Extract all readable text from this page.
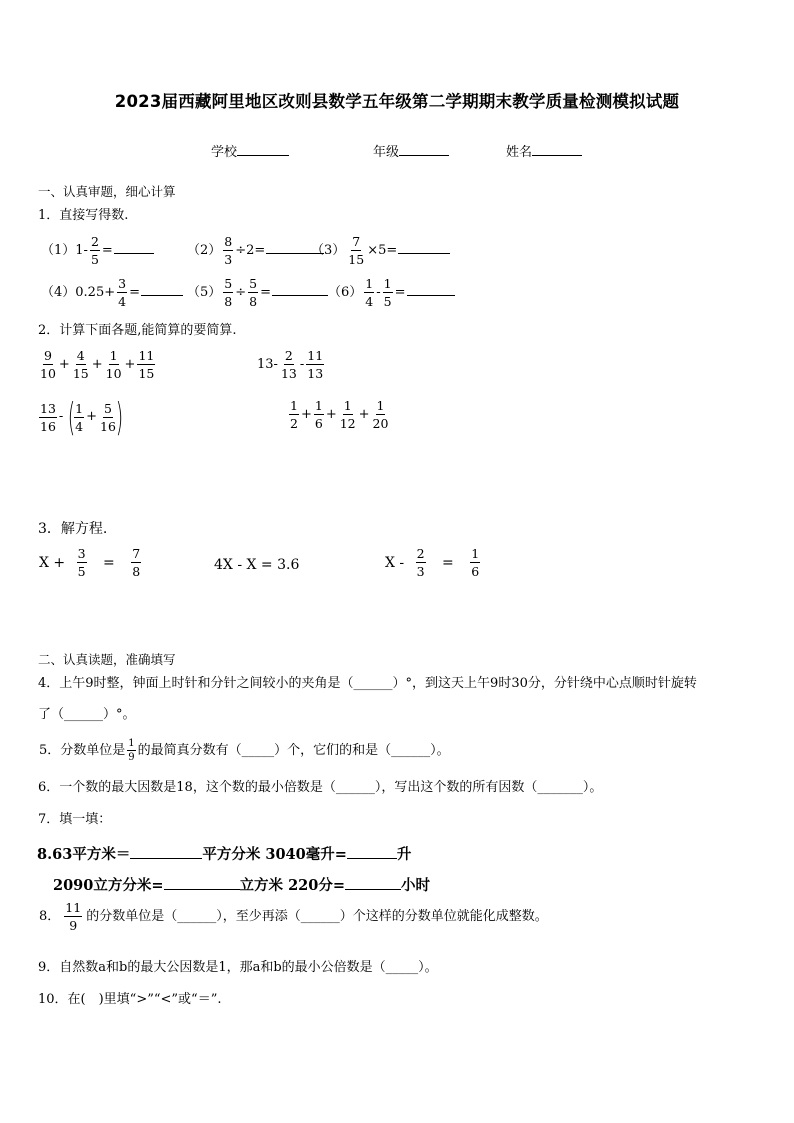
2023届西藏阿里地区改则县数学五年级第二学期期末教学质量检测模拟试题
学校	年级	姓名
一、认真审题，细心计算
1．直接写得数.
$(1)1- \frac{2}{5}$ =	$(2) \frac{8}{3} \div 2=$	$(3) \frac{7}{15} \times 5=$
$(4)0.25+ \frac{3}{4}$ =	$(5) \frac{5}{8} \div \frac{5}{8}$ =	$(6) \frac{1}{4} - \frac{1}{5}$ =
2．计算下面各题,能简算的要简算.
$\frac{9}{10} + \frac{4}{15} + \frac{1}{10} + \frac{11}{15}$	$13- \frac{2}{13} - \frac{11}{13}$
$\frac{13}{16}$ - (
$\frac{1}{4} + \frac{5}{16}$
)	$\frac{1}{2} + \frac{1}{6} + \frac{1}{12} + \frac{1}{20}$
3．解方程.
$X + \frac{3}{5} = \frac{7}{8}$	4X - X = 3.6	$X - \frac{2}{3} = \frac{1}{6}$
二、认真读题，准确填写
4．上午9时整，钟面上时针和分针之间较小的夹角是（______）°，到这天上午9时30分，分针绕中心点顺时针旋转
了（______）°。
5．分数单位是 $\frac{1}{9}$ 的最简真分数有（_____）个，它们的和是（______）。
6．一个数的最大因数是18，这个数的最小倍数是（______），写出这个数的所有因数（_______）。
7．填一填：
8.63平方米＝	平方分米 3040毫升=	升
2090立方分米=	立方米 220分=	小时
8． $\frac{11}{9}$ 的分数单位是（______），至少再添（______）个这样的分数单位就能化成整数。
9．自然数a和b的最大公因数是1，那a和b的最小公倍数是（_____）。
10．在(　)里填“>”“<”或“＝”.
